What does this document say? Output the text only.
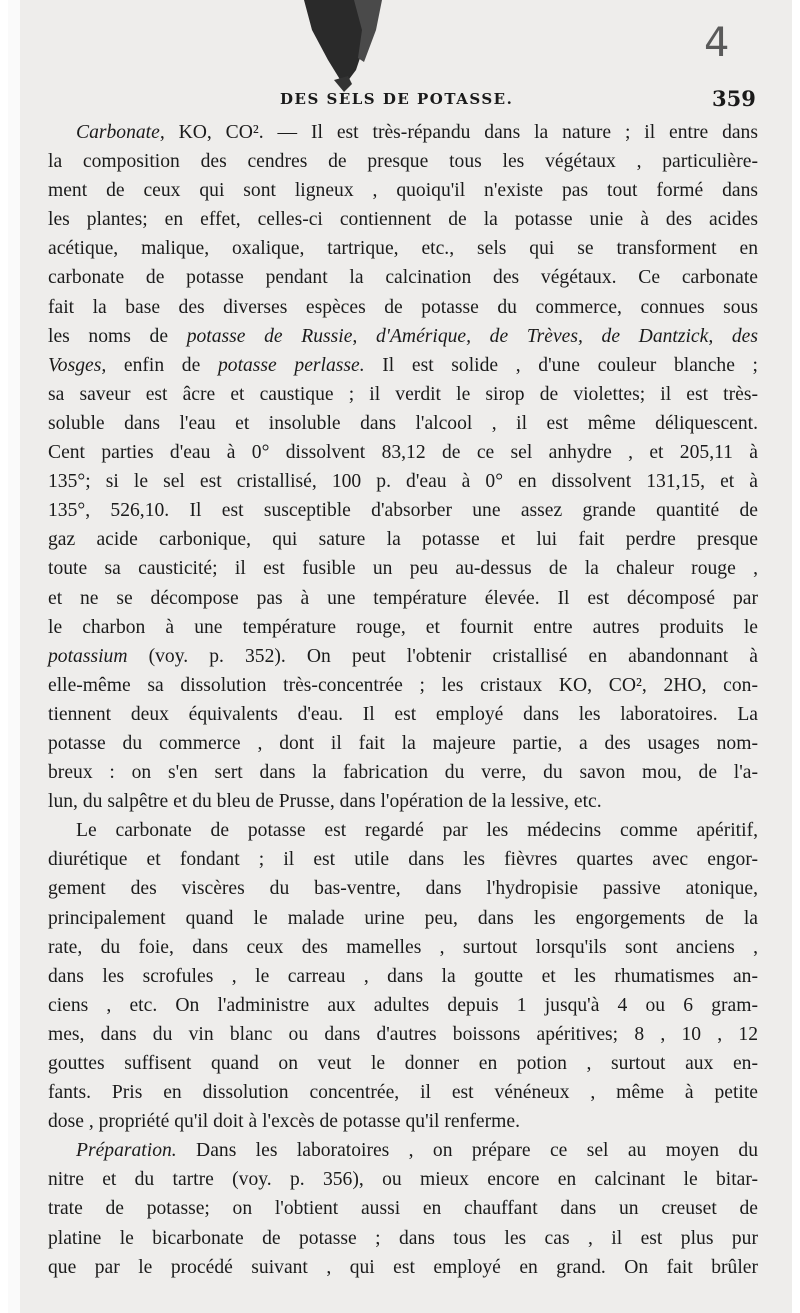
4
DES SELS DE POTASSE.	359

Carbonate, KO, CO². — Il est très-répandu dans la nature ; il entre dans
la composition des cendres de presque tous les végétaux , particulière-
ment de ceux qui sont ligneux , quoiqu'il n'existe pas tout formé dans
les plantes; en effet, celles-ci contiennent de la potasse unie à des acides
acétique, malique, oxalique, tartrique, etc., sels qui se transforment en
carbonate de potasse pendant la calcination des végétaux. Ce carbonate
fait la base des diverses espèces de potasse du commerce, connues sous
les noms de potasse de Russie, d'Amérique, de Trèves, de Dantzick, des
Vosges, enfin de potasse perlasse. Il est solide , d'une couleur blanche ;
sa saveur est âcre et caustique ; il verdit le sirop de violettes; il est très-
soluble dans l'eau et insoluble dans l'alcool , il est même déliquescent.
Cent parties d'eau à 0° dissolvent 83,12 de ce sel anhydre , et 205,11 à
135°; si le sel est cristallisé, 100 p. d'eau à 0° en dissolvent 131,15, et à
135°, 526,10. Il est susceptible d'absorber une assez grande quantité de
gaz acide carbonique, qui sature la potasse et lui fait perdre presque
toute sa causticité; il est fusible un peu au-dessus de la chaleur rouge ,
et ne se décompose pas à une température élevée. Il est décomposé par
le charbon à une température rouge, et fournit entre autres produits le
potassium (voy. p. 352). On peut l'obtenir cristallisé en abandonnant à
elle-même sa dissolution très-concentrée ; les cristaux KO, CO², 2HO, con-
tiennent deux équivalents d'eau. Il est employé dans les laboratoires. La
potasse du commerce , dont il fait la majeure partie, a des usages nom-
breux : on s'en sert dans la fabrication du verre, du savon mou, de l'a-
lun, du salpêtre et du bleu de Prusse, dans l'opération de la lessive, etc.

Le carbonate de potasse est regardé par les médecins comme apéritif,
diurétique et fondant ; il est utile dans les fièvres quartes avec engor-
gement des viscères du bas-ventre, dans l'hydropisie passive atonique,
principalement quand le malade urine peu, dans les engorgements de la
rate, du foie, dans ceux des mamelles , surtout lorsqu'ils sont anciens ,
dans les scrofules , le carreau , dans la goutte et les rhumatismes an-
ciens , etc. On l'administre aux adultes depuis 1 jusqu'à 4 ou 6 gram-
mes, dans du vin blanc ou dans d'autres boissons apéritives; 8 , 10 , 12
gouttes suffisent quand on veut le donner en potion , surtout aux en-
fants. Pris en dissolution concentrée, il est vénéneux , même à petite
dose , propriété qu'il doit à l'excès de potasse qu'il renferme.

Préparation. Dans les laboratoires , on prépare ce sel au moyen du
nitre et du tartre (voy. p. 356), ou mieux encore en calcinant le bitar-
trate de potasse; on l'obtient aussi en chauffant dans un creuset de
platine le bicarbonate de potasse ; dans tous les cas , il est plus pur
que par le procédé suivant , qui est employé en grand. On fait brûler
